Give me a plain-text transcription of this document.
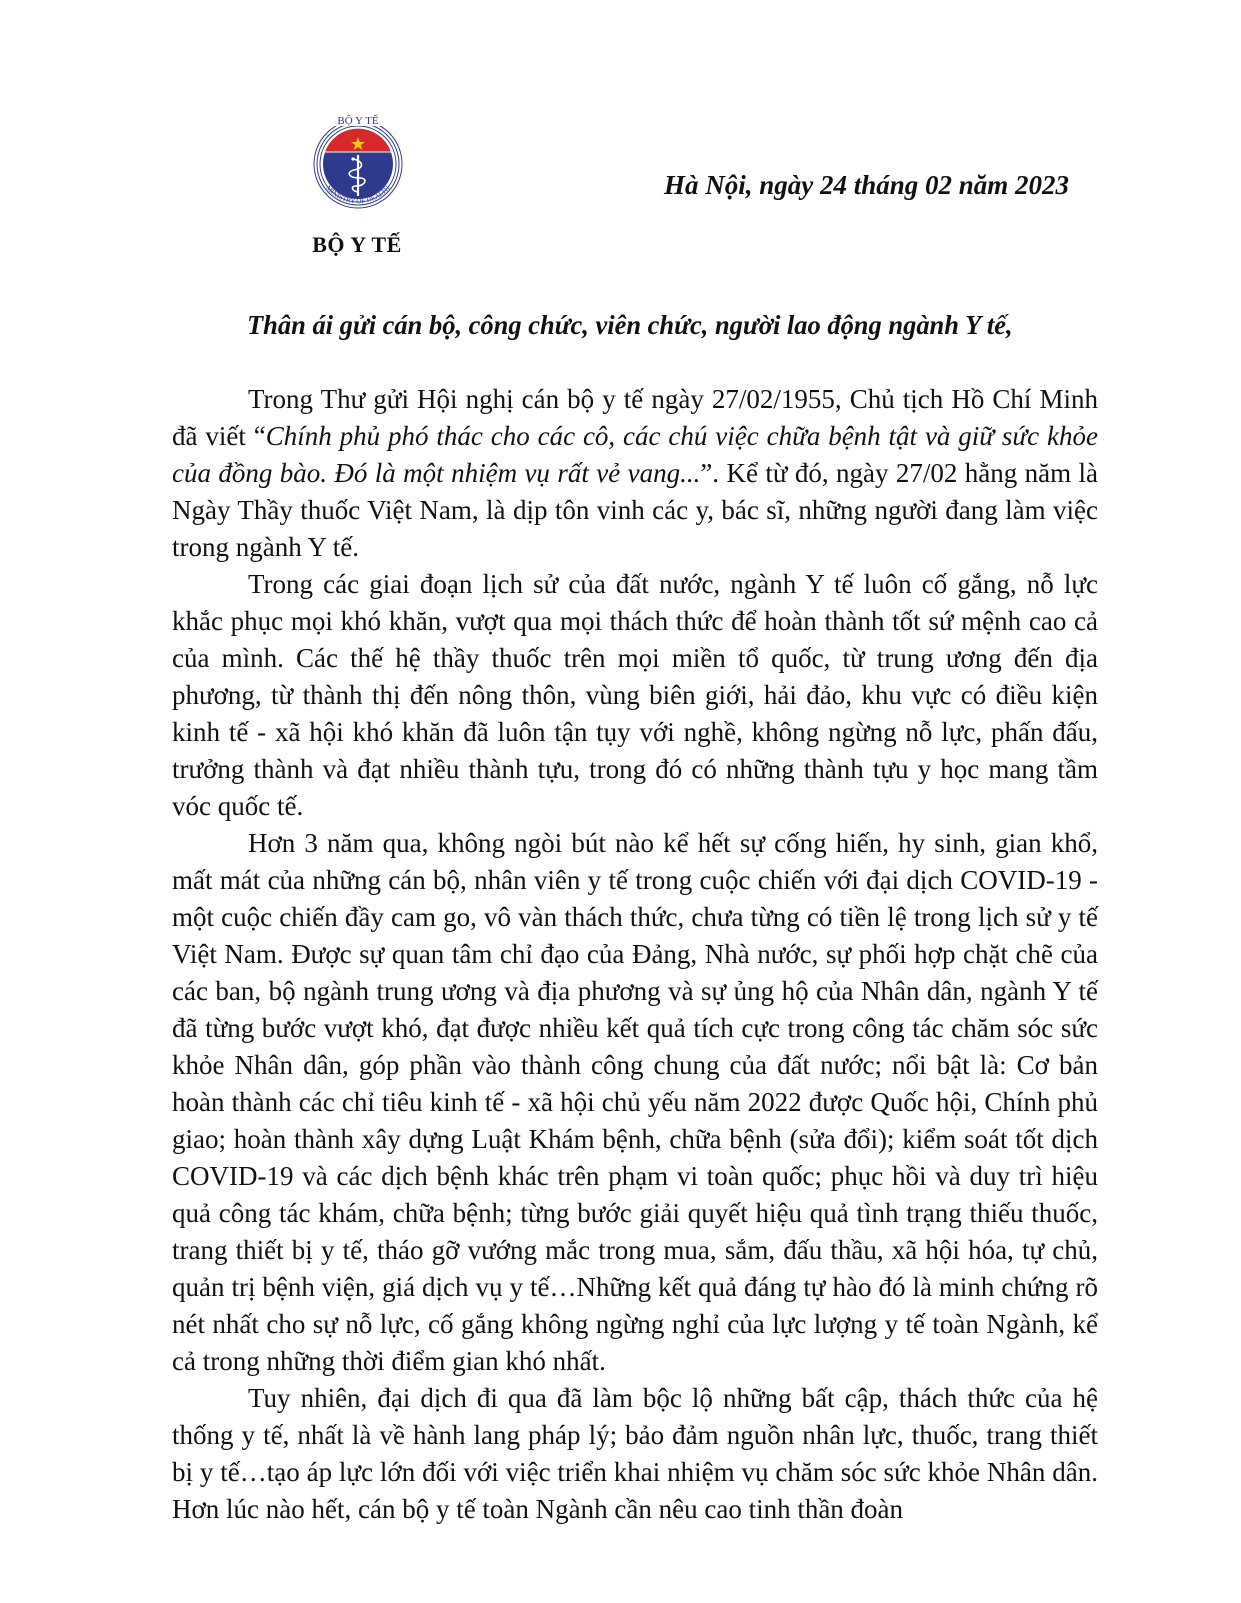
BỘ Y TẾ
MINISTRY OF HEALTH
BỘ Y TẾ
Hà Nội, ngày 24 tháng 02 năm 2023
Thân ái gửi cán bộ, công chức, viên chức, người lao động ngành Y tế,

Trong Thư gửi Hội nghị cán bộ y tế ngày 27/02/1955, Chủ tịch Hồ Chí Minh đã viết “Chính phủ phó thác cho các cô, các chú việc chữa bệnh tật và giữ sức khỏe của đồng bào. Đó là một nhiệm vụ rất vẻ vang...”. Kể từ đó, ngày 27/02 hằng năm là Ngày Thầy thuốc Việt Nam, là dịp tôn vinh các y, bác sĩ, những người đang làm việc trong ngành Y tế.

Trong các giai đoạn lịch sử của đất nước, ngành Y tế luôn cố gắng, nỗ lực khắc phục mọi khó khăn, vượt qua mọi thách thức để hoàn thành tốt sứ mệnh cao cả của mình. Các thế hệ thầy thuốc trên mọi miền tổ quốc, từ trung ương đến địa phương, từ thành thị đến nông thôn, vùng biên giới, hải đảo, khu vực có điều kiện kinh tế - xã hội khó khăn đã luôn tận tụy với nghề, không ngừng nỗ lực, phấn đấu, trưởng thành và đạt nhiều thành tựu, trong đó có những thành tựu y học mang tầm vóc quốc tế.

Hơn 3 năm qua, không ngòi bút nào kể hết sự cống hiến, hy sinh, gian khổ, mất mát của những cán bộ, nhân viên y tế trong cuộc chiến với đại dịch COVID-19 - một cuộc chiến đầy cam go, vô vàn thách thức, chưa từng có tiền lệ trong lịch sử y tế Việt Nam. Được sự quan tâm chỉ đạo của Đảng, Nhà nước, sự phối hợp chặt chẽ của các ban, bộ ngành trung ương và địa phương và sự ủng hộ của Nhân dân, ngành Y tế đã từng bước vượt khó, đạt được nhiều kết quả tích cực trong công tác chăm sóc sức khỏe Nhân dân, góp phần vào thành công chung của đất nước; nổi bật là: Cơ bản hoàn thành các chỉ tiêu kinh tế - xã hội chủ yếu năm 2022 được Quốc hội, Chính phủ giao; hoàn thành xây dựng Luật Khám bệnh, chữa bệnh (sửa đổi); kiểm soát tốt dịch COVID-19 và các dịch bệnh khác trên phạm vi toàn quốc; phục hồi và duy trì hiệu quả công tác khám, chữa bệnh; từng bước giải quyết hiệu quả tình trạng thiếu thuốc, trang thiết bị y tế, tháo gỡ vướng mắc trong mua, sắm, đấu thầu, xã hội hóa, tự chủ, quản trị bệnh viện, giá dịch vụ y tế…Những kết quả đáng tự hào đó là minh chứng rõ nét nhất cho sự nỗ lực, cố gắng không ngừng nghỉ của lực lượng y tế toàn Ngành, kể cả trong những thời điểm gian khó nhất.

Tuy nhiên, đại dịch đi qua đã làm bộc lộ những bất cập, thách thức của hệ thống y tế, nhất là về hành lang pháp lý; bảo đảm nguồn nhân lực, thuốc, trang thiết bị y tế…tạo áp lực lớn đối với việc triển khai nhiệm vụ chăm sóc sức khỏe Nhân dân. Hơn lúc nào hết, cán bộ y tế toàn Ngành cần nêu cao tinh thần đoàn
